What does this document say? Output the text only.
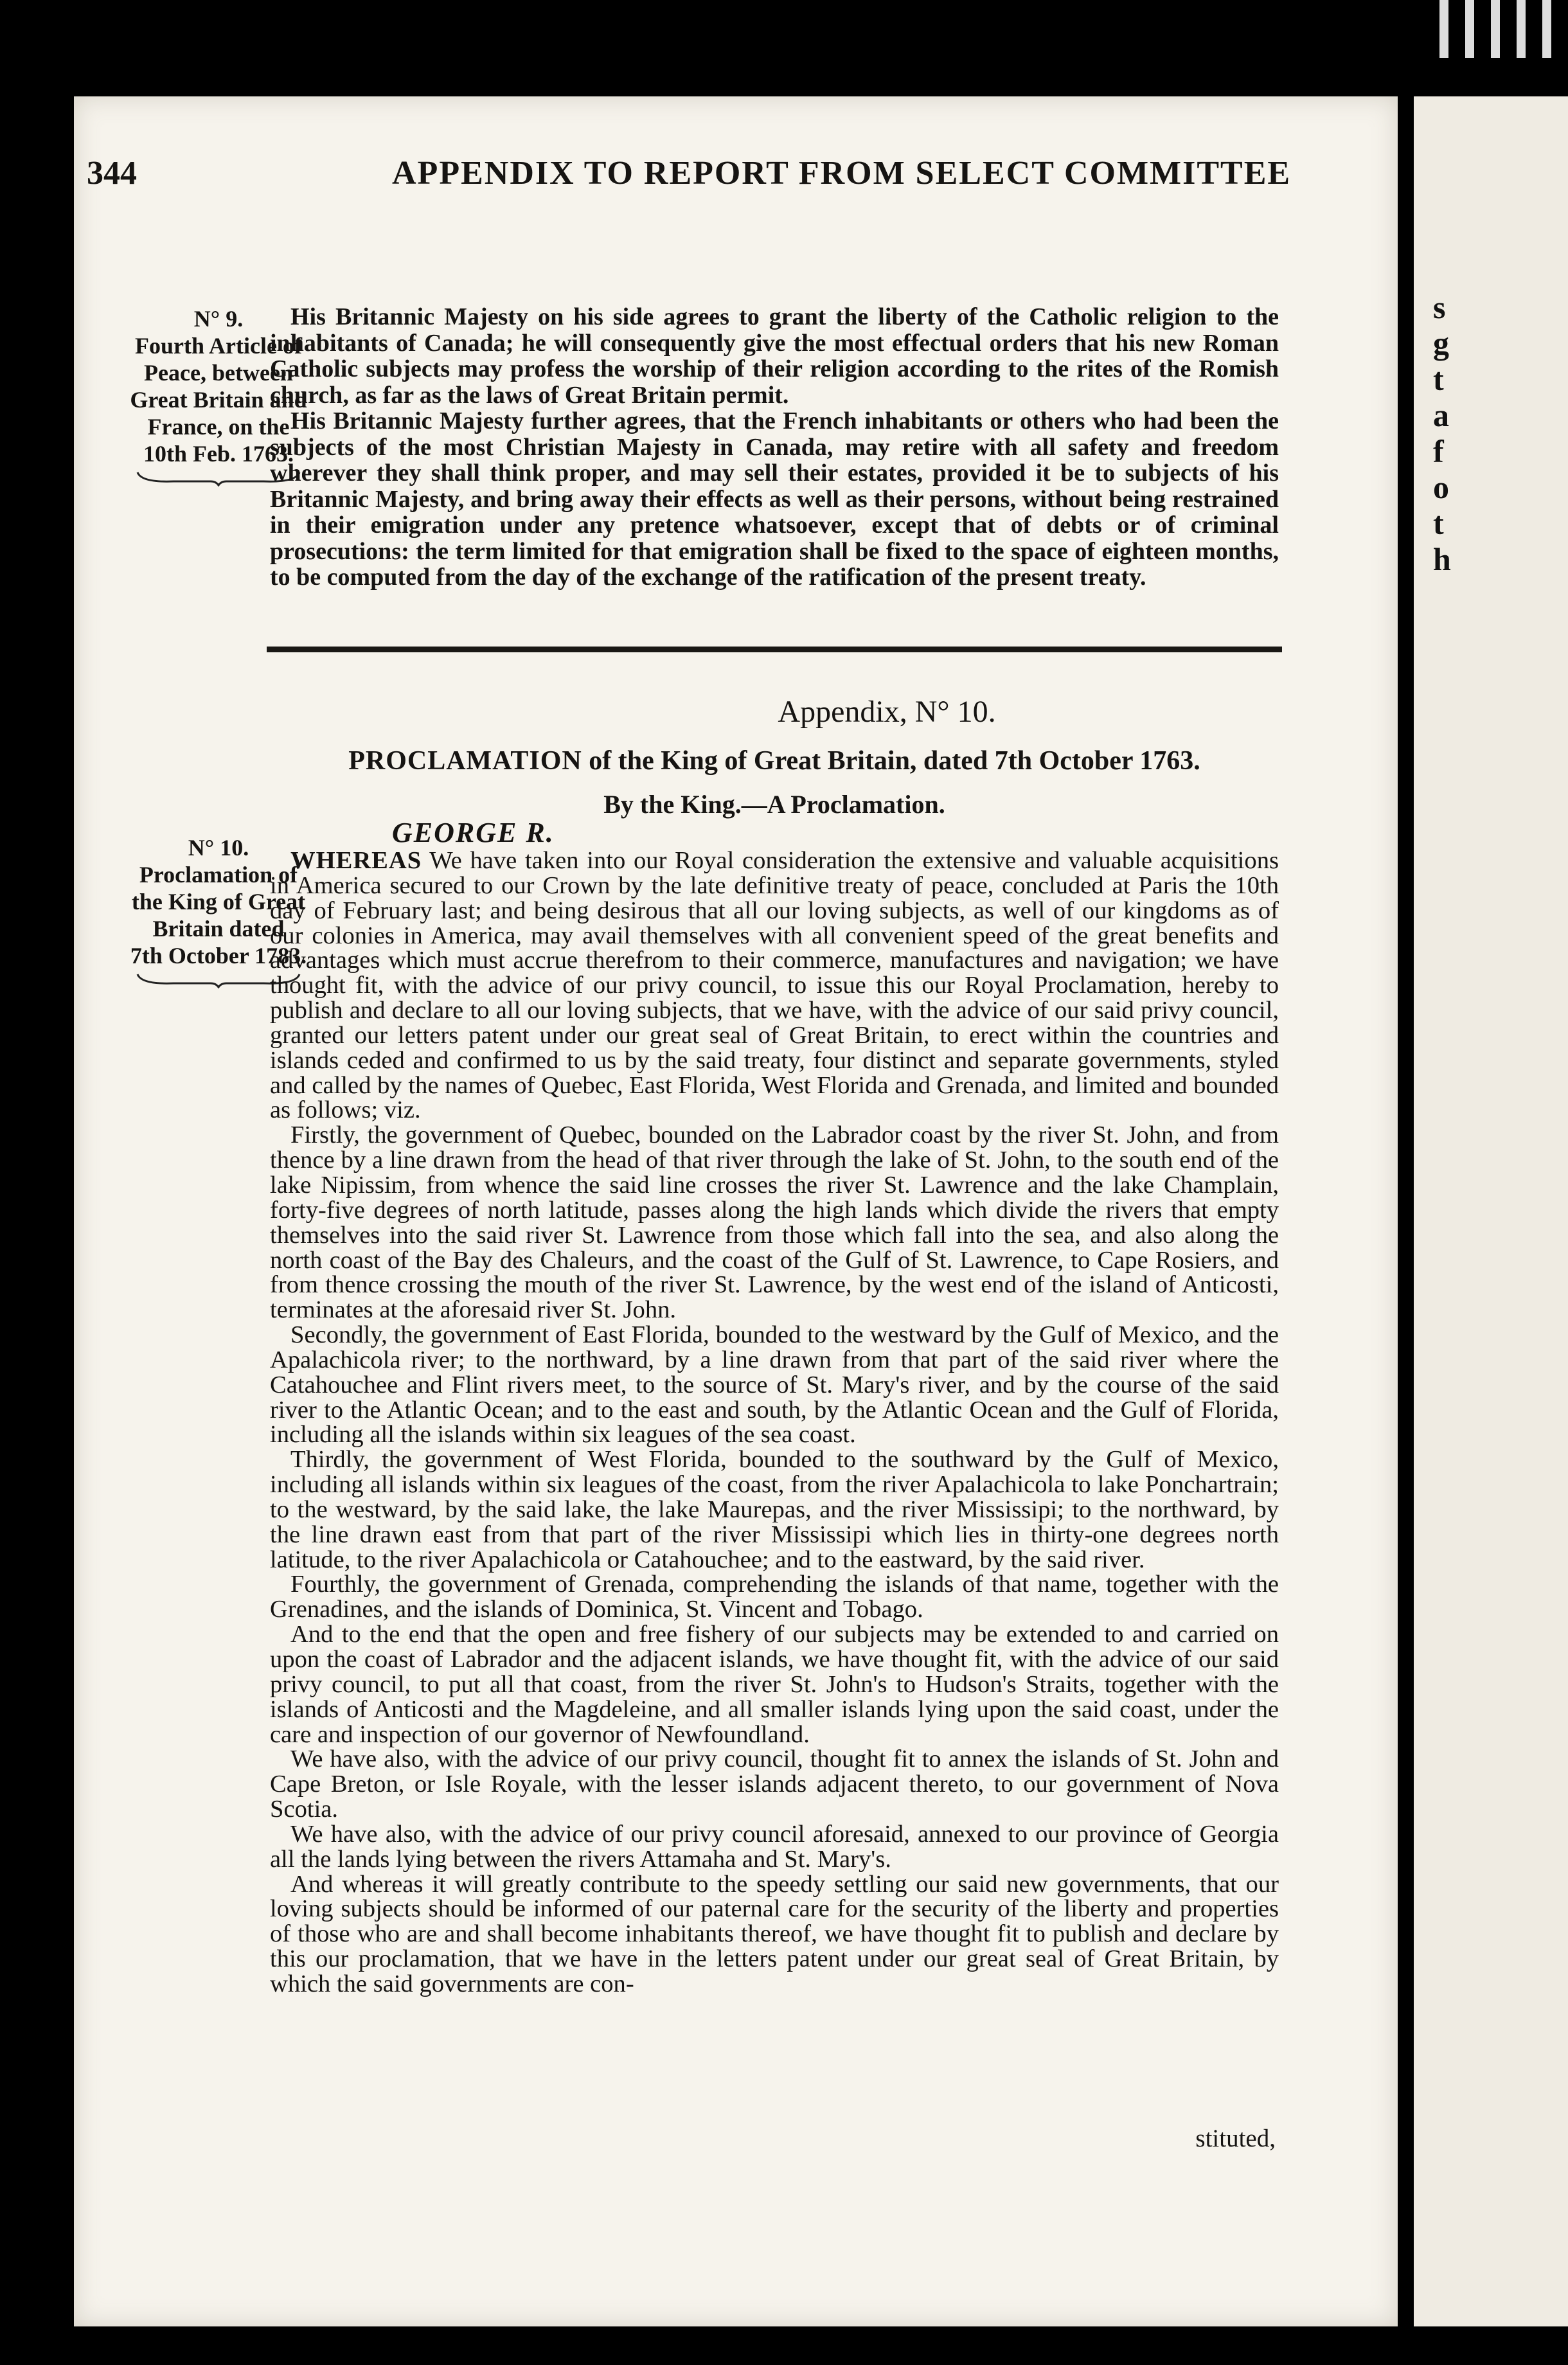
s
g
t
a
f
o
t
h
344	APPENDIX TO REPORT FROM SELECT COMMITTEE
N° 9.
Fourth Article of
Peace, between
Great Britain and
France, on the
10th Feb. 1763.
N° 10.
Proclamation of
the King of Great
Britain dated
7th October 1783.

His Britannic Majesty on his side agrees to grant the liberty of the Catholic religion to the inhabitants of Canada; he will consequently give the most effectual orders that his new Roman Catholic subjects may profess the worship of their religion according to the rites of the Romish church, as far as the laws of Great Britain permit.

His Britannic Majesty further agrees, that the French inhabitants or others who had been the subjects of the most Christian Majesty in Canada, may retire with all safety and freedom wherever they shall think proper, and may sell their estates, provided it be to subjects of his Britannic Majesty, and bring away their effects as well as their persons, without being restrained in their emigration under any pretence whatsoever, except that of debts or of criminal prosecutions: the term limited for that emigration shall be fixed to the space of eighteen months, to be computed from the day of the exchange of the ratification of the present treaty.

Appendix, N° 10.
PROCLAMATION of the King of Great Britain, dated 7th October 1763.
By the King.—A Proclamation.
GEORGE R.

WHEREAS We have taken into our Royal consideration the extensive and valuable acquisitions in America secured to our Crown by the late definitive treaty of peace, concluded at Paris the 10th day of February last; and being desirous that all our loving subjects, as well of our kingdoms as of our colonies in America, may avail themselves with all convenient speed of the great benefits and advantages which must accrue therefrom to their commerce, manufactures and navigation; we have thought fit, with the advice of our privy council, to issue this our Royal Proclamation, hereby to publish and declare to all our loving subjects, that we have, with the advice of our said privy council, granted our letters patent under our great seal of Great Britain, to erect within the countries and islands ceded and confirmed to us by the said treaty, four distinct and separate governments, styled and called by the names of Quebec, East Florida, West Florida and Grenada, and limited and bounded as follows; viz.

Firstly, the government of Quebec, bounded on the Labrador coast by the river St. John, and from thence by a line drawn from the head of that river through the lake of St. John, to the south end of the lake Nipissim, from whence the said line crosses the river St. Lawrence and the lake Champlain, forty-five degrees of north latitude, passes along the high lands which divide the rivers that empty themselves into the said river St. Lawrence from those which fall into the sea, and also along the north coast of the Bay des Chaleurs, and the coast of the Gulf of St. Lawrence, to Cape Rosiers, and from thence crossing the mouth of the river St. Lawrence, by the west end of the island of Anticosti, terminates at the aforesaid river St. John.

Secondly, the government of East Florida, bounded to the westward by the Gulf of Mexico, and the Apalachicola river; to the northward, by a line drawn from that part of the said river where the Catahouchee and Flint rivers meet, to the source of St. Mary's river, and by the course of the said river to the Atlantic Ocean; and to the east and south, by the Atlantic Ocean and the Gulf of Florida, including all the islands within six leagues of the sea coast.

Thirdly, the government of West Florida, bounded to the southward by the Gulf of Mexico, including all islands within six leagues of the coast, from the river Apalachicola to lake Ponchartrain; to the westward, by the said lake, the lake Maurepas, and the river Mississipi; to the northward, by the line drawn east from that part of the river Mississipi which lies in thirty-one degrees north latitude, to the river Apalachicola or Catahouchee; and to the eastward, by the said river.

Fourthly, the government of Grenada, comprehending the islands of that name, together with the Grenadines, and the islands of Dominica, St. Vincent and Tobago.

And to the end that the open and free fishery of our subjects may be extended to and carried on upon the coast of Labrador and the adjacent islands, we have thought fit, with the advice of our said privy council, to put all that coast, from the river St. John's to Hudson's Straits, together with the islands of Anticosti and the Magdeleine, and all smaller islands lying upon the said coast, under the care and inspection of our governor of Newfoundland.

We have also, with the advice of our privy council, thought fit to annex the islands of St. John and Cape Breton, or Isle Royale, with the lesser islands adjacent thereto, to our government of Nova Scotia.

We have also, with the advice of our privy council aforesaid, annexed to our province of Georgia all the lands lying between the rivers Attamaha and St. Mary's.

And whereas it will greatly contribute to the speedy settling our said new governments, that our loving subjects should be informed of our paternal care for the security of the liberty and properties of those who are and shall become inhabitants thereof, we have thought fit to publish and declare by this our proclamation, that we have in the letters patent under our great seal of Great Britain, by which the said governments are con-

stituted,
